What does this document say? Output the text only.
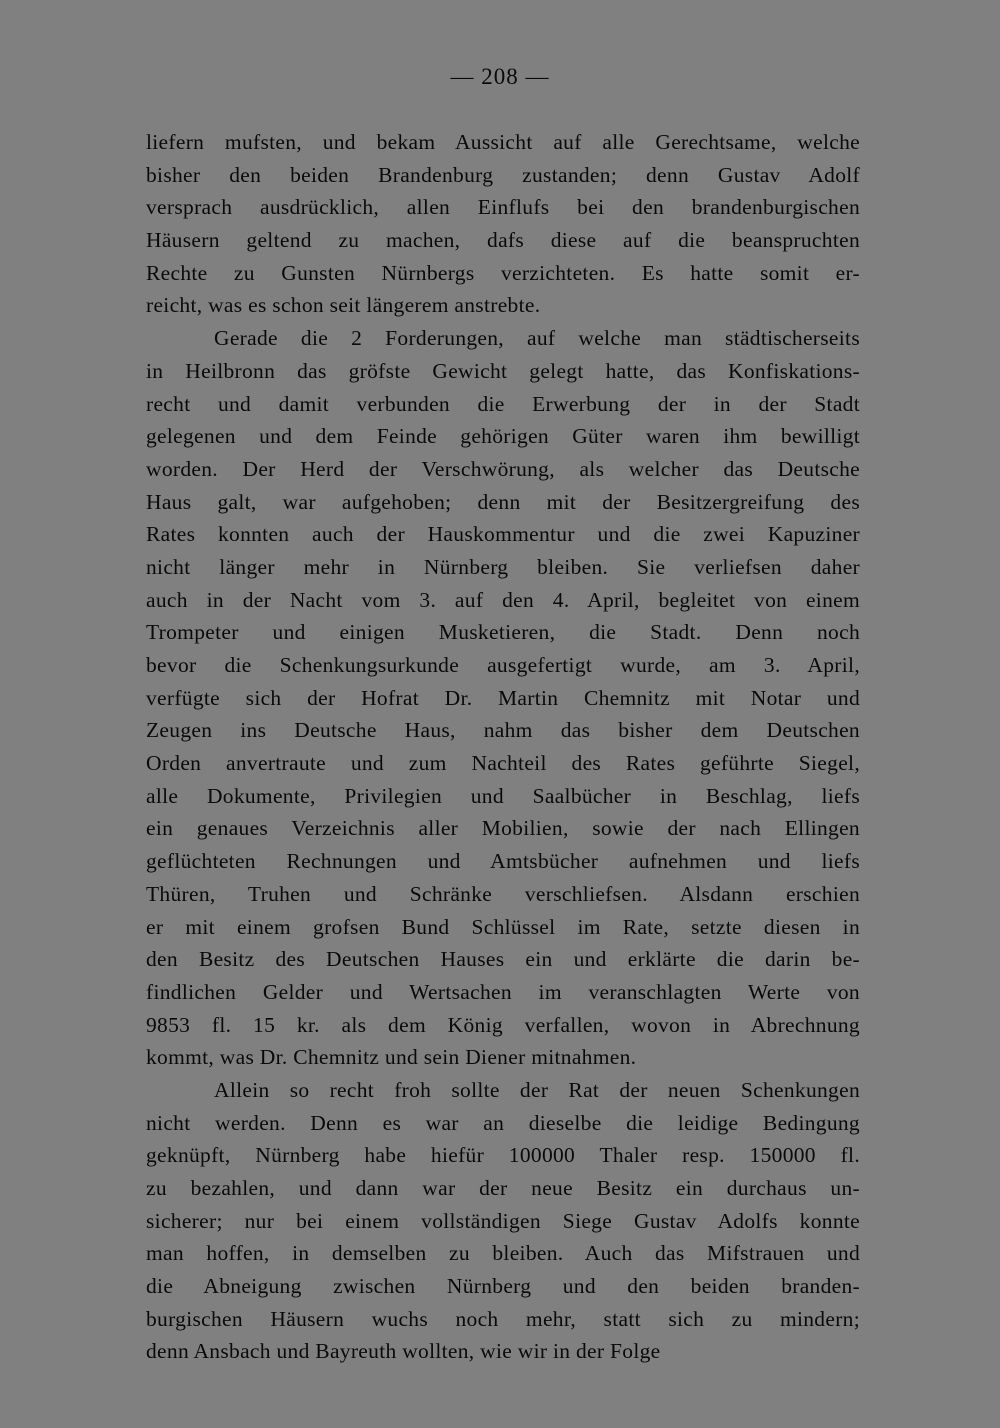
— 208 —
liefern mufsten, und bekam Aussicht auf alle Gerechtsame, welche
bisher den beiden Brandenburg zustanden; denn Gustav Adolf
versprach ausdrücklich, allen Einflufs bei den brandenburgischen
Häusern geltend zu machen, dafs diese auf die beanspruchten
Rechte zu Gunsten Nürnbergs verzichteten. Es hatte somit er-
reicht, was es schon seit längerem anstrebte.
Gerade die 2 Forderungen, auf welche man städtischerseits
in Heilbronn das gröfste Gewicht gelegt hatte, das Konfiskations-
recht und damit verbunden die Erwerbung der in der Stadt
gelegenen und dem Feinde gehörigen Güter waren ihm bewilligt
worden. Der Herd der Verschwörung, als welcher das Deutsche
Haus galt, war aufgehoben; denn mit der Besitzergreifung des
Rates konnten auch der Hauskommentur und die zwei Kapuziner
nicht länger mehr in Nürnberg bleiben. Sie verliefsen daher
auch in der Nacht vom 3. auf den 4. April, begleitet von einem
Trompeter und einigen Musketieren, die Stadt. Denn noch
bevor die Schenkungsurkunde ausgefertigt wurde, am 3. April,
verfügte sich der Hofrat Dr. Martin Chemnitz mit Notar und
Zeugen ins Deutsche Haus, nahm das bisher dem Deutschen
Orden anvertraute und zum Nachteil des Rates geführte Siegel,
alle Dokumente, Privilegien und Saalbücher in Beschlag, liefs
ein genaues Verzeichnis aller Mobilien, sowie der nach Ellingen
geflüchteten Rechnungen und Amtsbücher aufnehmen und liefs
Thüren, Truhen und Schränke verschliefsen. Alsdann erschien
er mit einem grofsen Bund Schlüssel im Rate, setzte diesen in
den Besitz des Deutschen Hauses ein und erklärte die darin be-
findlichen Gelder und Wertsachen im veranschlagten Werte von
9853 fl. 15 kr. als dem König verfallen, wovon in Abrechnung
kommt, was Dr. Chemnitz und sein Diener mitnahmen.
Allein so recht froh sollte der Rat der neuen Schenkungen
nicht werden. Denn es war an dieselbe die leidige Bedingung
geknüpft, Nürnberg habe hiefür 100000 Thaler resp. 150000 fl.
zu bezahlen, und dann war der neue Besitz ein durchaus un-
sicherer; nur bei einem vollständigen Siege Gustav Adolfs konnte
man hoffen, in demselben zu bleiben. Auch das Mifstrauen und
die Abneigung zwischen Nürnberg und den beiden branden-
burgischen Häusern wuchs noch mehr, statt sich zu mindern;
denn Ansbach und Bayreuth wollten, wie wir in der Folge
